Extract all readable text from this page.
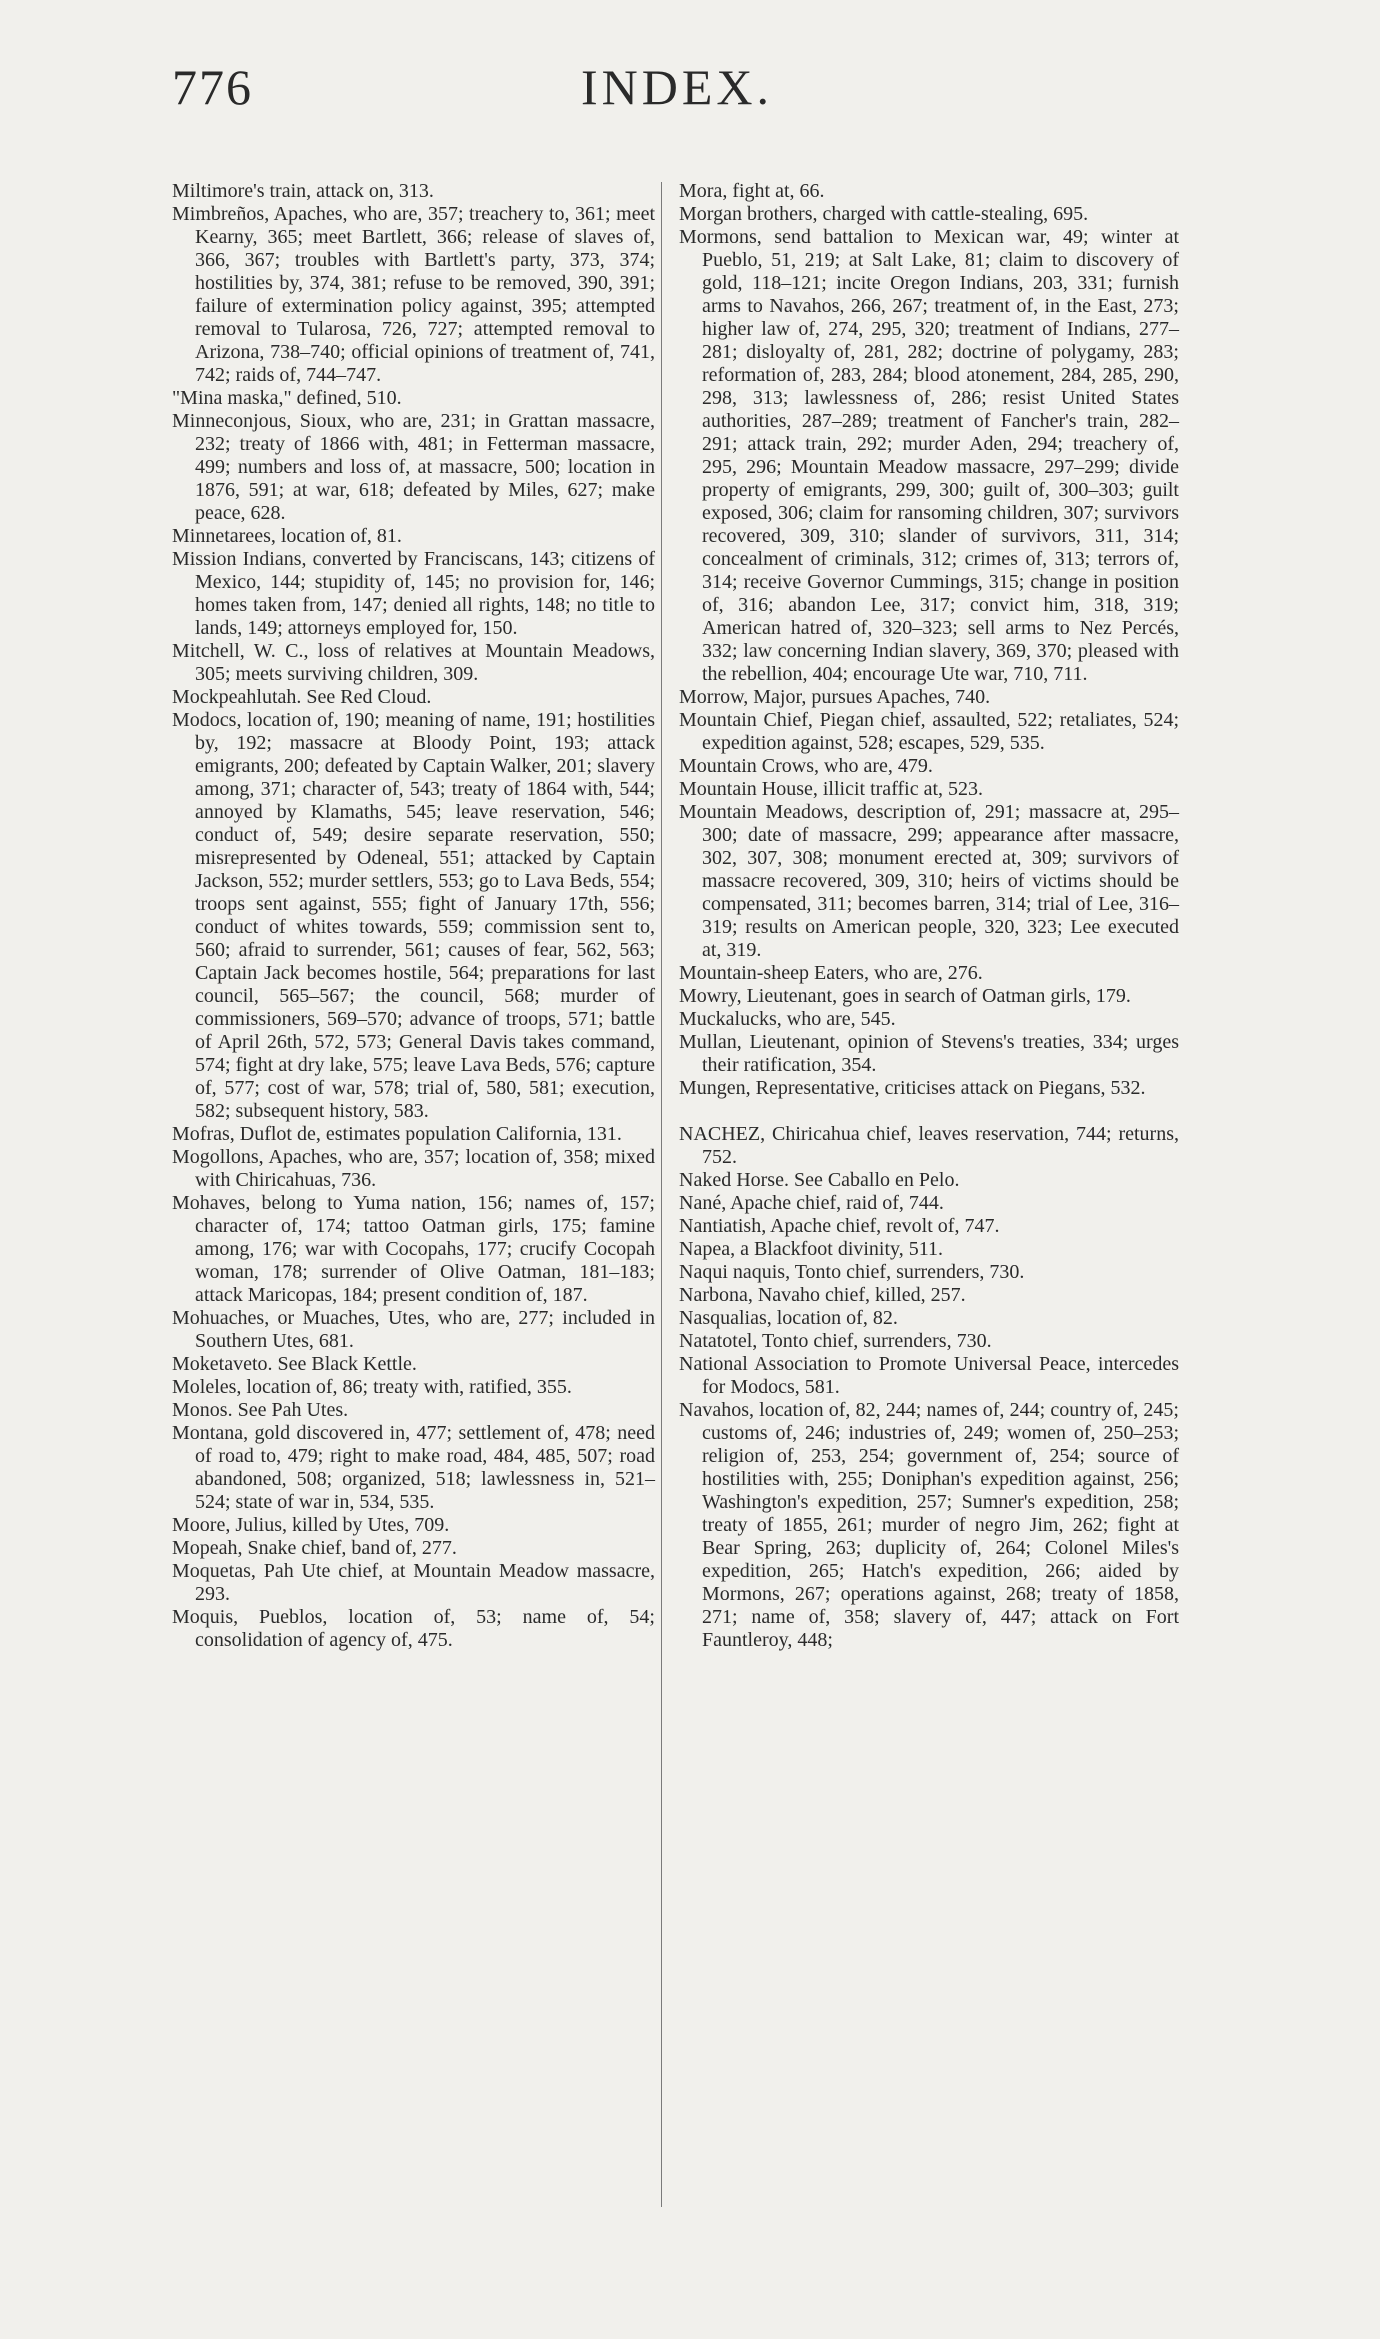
INDEX.
776

Miltimore's train, attack on, 313.

Mimbreños, Apaches, who are, 357; treachery to, 361; meet Kearny, 365; meet Bartlett, 366; release of slaves of, 366, 367; troubles with Bartlett's party, 373, 374; hostilities by, 374, 381; refuse to be removed, 390, 391; failure of extermination policy against, 395; attempted removal to Tularosa, 726, 727; attempted removal to Arizona, 738–740; official opinions of treatment of, 741, 742; raids of, 744–747.

"Mina maska," defined, 510.

Minneconjous, Sioux, who are, 231; in Grattan massacre, 232; treaty of 1866 with, 481; in Fetterman massacre, 499; numbers and loss of, at massacre, 500; location in 1876, 591; at war, 618; defeated by Miles, 627; make peace, 628.

Minnetarees, location of, 81.

Mission Indians, converted by Franciscans, 143; citizens of Mexico, 144; stupidity of, 145; no provision for, 146; homes taken from, 147; denied all rights, 148; no title to lands, 149; attorneys employed for, 150.

Mitchell, W. C., loss of relatives at Mountain Meadows, 305; meets surviving children, 309.

Mockpeahlutah. See Red Cloud.

Modocs, location of, 190; meaning of name, 191; hostilities by, 192; massacre at Bloody Point, 193; attack emigrants, 200; defeated by Captain Walker, 201; slavery among, 371; character of, 543; treaty of 1864 with, 544; annoyed by Klamaths, 545; leave reservation, 546; conduct of, 549; desire separate reservation, 550; misrepresented by Odeneal, 551; attacked by Captain Jackson, 552; murder settlers, 553; go to Lava Beds, 554; troops sent against, 555; fight of January 17th, 556; conduct of whites towards, 559; commission sent to, 560; afraid to surrender, 561; causes of fear, 562, 563; Captain Jack becomes hostile, 564; preparations for last council, 565–567; the council, 568; murder of commissioners, 569–570; advance of troops, 571; battle of April 26th, 572, 573; General Davis takes command, 574; fight at dry lake, 575; leave Lava Beds, 576; capture of, 577; cost of war, 578; trial of, 580, 581; execution, 582; subsequent history, 583.

Mofras, Duflot de, estimates population California, 131.

Mogollons, Apaches, who are, 357; location of, 358; mixed with Chiricahuas, 736.

Mohaves, belong to Yuma nation, 156; names of, 157; character of, 174; tattoo Oatman girls, 175; famine among, 176; war with Cocopahs, 177; crucify Cocopah woman, 178; surrender of Olive Oatman, 181–183; attack Maricopas, 184; present condition of, 187.

Mohuaches, or Muaches, Utes, who are, 277; included in Southern Utes, 681.

Moketaveto. See Black Kettle.

Moleles, location of, 86; treaty with, ratified, 355.

Monos. See Pah Utes.

Montana, gold discovered in, 477; settlement of, 478; need of road to, 479; right to make road, 484, 485, 507; road abandoned, 508; organized, 518; lawlessness in, 521–524; state of war in, 534, 535.

Moore, Julius, killed by Utes, 709.

Mopeah, Snake chief, band of, 277.

Moquetas, Pah Ute chief, at Mountain Meadow massacre, 293.

Moquis, Pueblos, location of, 53; name of, 54; consolidation of agency of, 475.

Mora, fight at, 66.

Morgan brothers, charged with cattle-stealing, 695.

Mormons, send battalion to Mexican war, 49; winter at Pueblo, 51, 219; at Salt Lake, 81; claim to discovery of gold, 118–121; incite Oregon Indians, 203, 331; furnish arms to Navahos, 266, 267; treatment of, in the East, 273; higher law of, 274, 295, 320; treatment of Indians, 277–281; disloyalty of, 281, 282; doctrine of polygamy, 283; reformation of, 283, 284; blood atonement, 284, 285, 290, 298, 313; lawlessness of, 286; resist United States authorities, 287–289; treatment of Fancher's train, 282–291; attack train, 292; murder Aden, 294; treachery of, 295, 296; Mountain Meadow massacre, 297–299; divide property of emigrants, 299, 300; guilt of, 300–303; guilt exposed, 306; claim for ransoming children, 307; survivors recovered, 309, 310; slander of survivors, 311, 314; concealment of criminals, 312; crimes of, 313; terrors of, 314; receive Governor Cummings, 315; change in position of, 316; abandon Lee, 317; convict him, 318, 319; American hatred of, 320–323; sell arms to Nez Percés, 332; law concerning Indian slavery, 369, 370; pleased with the rebellion, 404; encourage Ute war, 710, 711.

Morrow, Major, pursues Apaches, 740.

Mountain Chief, Piegan chief, assaulted, 522; retaliates, 524; expedition against, 528; escapes, 529, 535.

Mountain Crows, who are, 479.

Mountain House, illicit traffic at, 523.

Mountain Meadows, description of, 291; massacre at, 295–300; date of massacre, 299; appearance after massacre, 302, 307, 308; monument erected at, 309; survivors of massacre recovered, 309, 310; heirs of victims should be compensated, 311; becomes barren, 314; trial of Lee, 316–319; results on American people, 320, 323; Lee executed at, 319.

Mountain-sheep Eaters, who are, 276.

Mowry, Lieutenant, goes in search of Oatman girls, 179.

Muckalucks, who are, 545.

Mullan, Lieutenant, opinion of Stevens's treaties, 334; urges their ratification, 354.

Mungen, Representative, criticises attack on Piegans, 532.

NACHEZ, Chiricahua chief, leaves reservation, 744; returns, 752.

Naked Horse. See Caballo en Pelo.

Nané, Apache chief, raid of, 744.

Nantiatish, Apache chief, revolt of, 747.

Napea, a Blackfoot divinity, 511.

Naqui naquis, Tonto chief, surrenders, 730.

Narbona, Navaho chief, killed, 257.

Nasqualias, location of, 82.

Natatotel, Tonto chief, surrenders, 730.

National Association to Promote Universal Peace, intercedes for Modocs, 581.

Navahos, location of, 82, 244; names of, 244; country of, 245; customs of, 246; industries of, 249; women of, 250–253; religion of, 253, 254; government of, 254; source of hostilities with, 255; Doniphan's expedition against, 256; Washington's expedition, 257; Sumner's expedition, 258; treaty of 1855, 261; murder of negro Jim, 262; fight at Bear Spring, 263; duplicity of, 264; Colonel Miles's expedition, 265; Hatch's expedition, 266; aided by Mormons, 267; operations against, 268; treaty of 1858, 271; name of, 358; slavery of, 447; attack on Fort Fauntleroy, 448;
